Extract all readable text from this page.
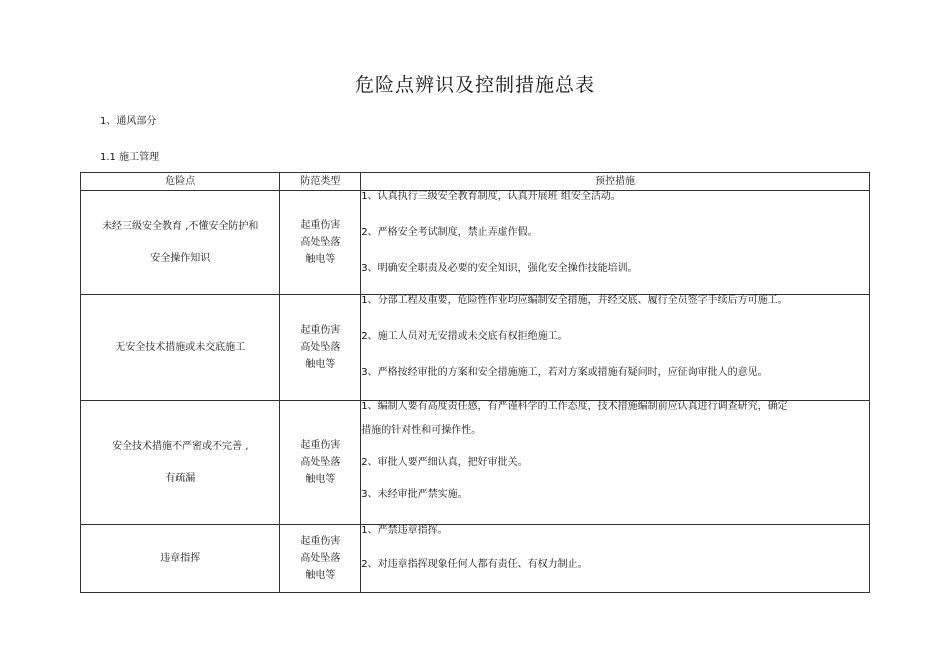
危险点辨识及控制措施总表
1、通风部分
1.1 施工管理
危险点	防范类型	预控措施

未经三级安全教育 ,不懂安全防护和
安全操作知识	起重伤害
高处坠落
触电等	1、认真执行三级安全教育制度，认真开展班 组安全活动。
2、严格安全考试制度，禁止弄虚作假。
3、明确安全职责及必要的安全知识，强化安全操作技能培训。

无安全技术措施或未交底施工	起重伤害
高处坠落
触电等	1、分部工程及重要，危险性作业均应编制安全措施，并经交底、履行全员签字手续后方可施工。
2、施工人员对无安措或未交底有权拒绝施工。
3、严格按经审批的方案和安全措施施工，若对方案或措施有疑问时，应征询审批人的意见。

安全技术措施不严密或不完善 ,
有疏漏	起重伤害
高处坠落
触电等	1、编制人要有高度责任感，有严谨科学的工作态度，技术措施编制前应认真进行调查研究，确定
措施的针对性和可操作性。
2、审批人要严细认真，把好审批关。
3、未经审批严禁实施。

违章指挥	起重伤害
高处坠落
触电等	1、严禁违章指挥。
2、对违章指挥现象任何人都有责任、有权力制止。
